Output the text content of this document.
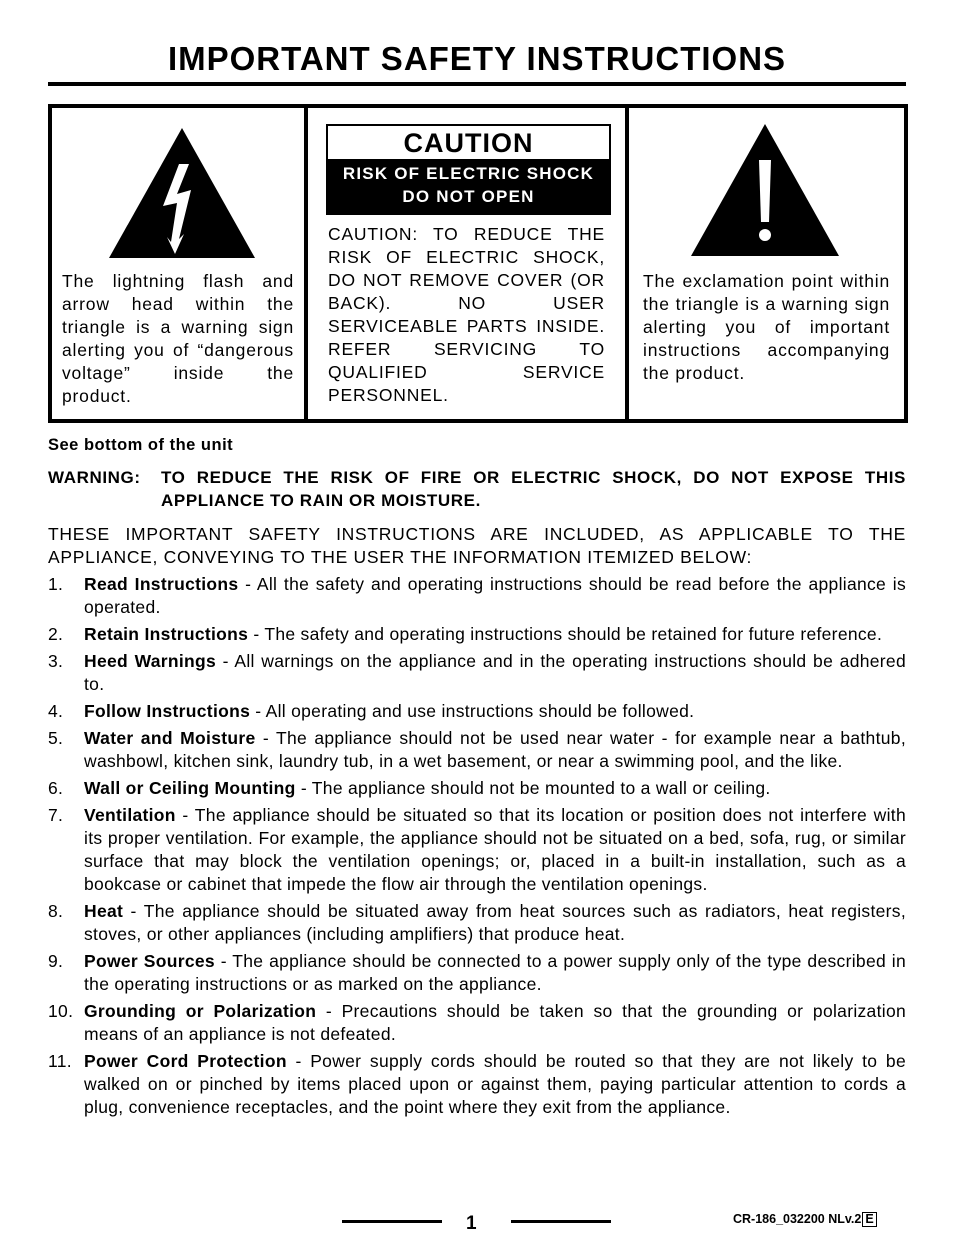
IMPORTANT SAFETY INSTRUCTIONS
The lightning flash and arrow head within the triangle is a warning sign alerting you of “dangerous voltage” inside the product.
CAUTION
RISK OF ELECTRIC SHOCK
DO NOT OPEN
CAUTION: TO REDUCE THE RISK OF ELECTRIC SHOCK, DO NOT REMOVE COVER (OR BACK). NO USER SERVICEABLE PARTS INSIDE. REFER SERVICING TO QUALIFIED SERVICE PERSONNEL.
The exclamation point within the triangle is a warning sign alerting you of important instructions accompanying the product.
See bottom of the unit
WARNING: TO REDUCE THE RISK OF FIRE OR ELECTRIC SHOCK, DO NOT EXPOSE THIS APPLIANCE TO RAIN OR MOISTURE.
THESE IMPORTANT SAFETY INSTRUCTIONS ARE INCLUDED, AS APPLICABLE TO THE APPLIANCE, CONVEYING TO THE USER THE INFORMATION ITEMIZED BELOW:
1.	Read Instructions - All the safety and operating instructions should be read before the appliance is operated.
2.	Retain Instructions - The safety and operating instructions should be retained for future reference.
3.	Heed Warnings - All warnings on the appliance and in the operating instructions should be adhered to.
4.	Follow Instructions - All operating and use instructions should be followed.
5.	Water and Moisture - The appliance should not be used near water - for example near a bathtub, washbowl, kitchen sink, laundry tub, in a wet basement, or near a swimming pool, and the like.
6.	Wall or Ceiling Mounting - The appliance should not be mounted to a wall or ceiling.
7.	Ventilation - The appliance should be situated so that its location or position does not interfere with its proper ventilation. For example, the appliance should not be situated on a bed, sofa, rug, or similar surface that may block the ventilation openings; or, placed in a built-in installation, such as a bookcase or cabinet that impede the flow air through the ventilation openings.
8.	Heat - The appliance should be situated away from heat sources such as radiators, heat registers, stoves, or other appliances (including amplifiers) that produce heat.
9.	Power Sources - The appliance should be connected to a power supply only of the type described in the operating instructions or as marked on the appliance.
10. Grounding or Polarization - Precautions should be taken so that the grounding or polarization means of an appliance is not defeated.
11. Power Cord Protection - Power supply cords should be routed so that they are not likely to be walked on or pinched by items placed upon or against them, paying particular attention to cords a plug, convenience receptacles, and the point where they exit from the appliance.
1	CR-186_032200 NLv.2 E
